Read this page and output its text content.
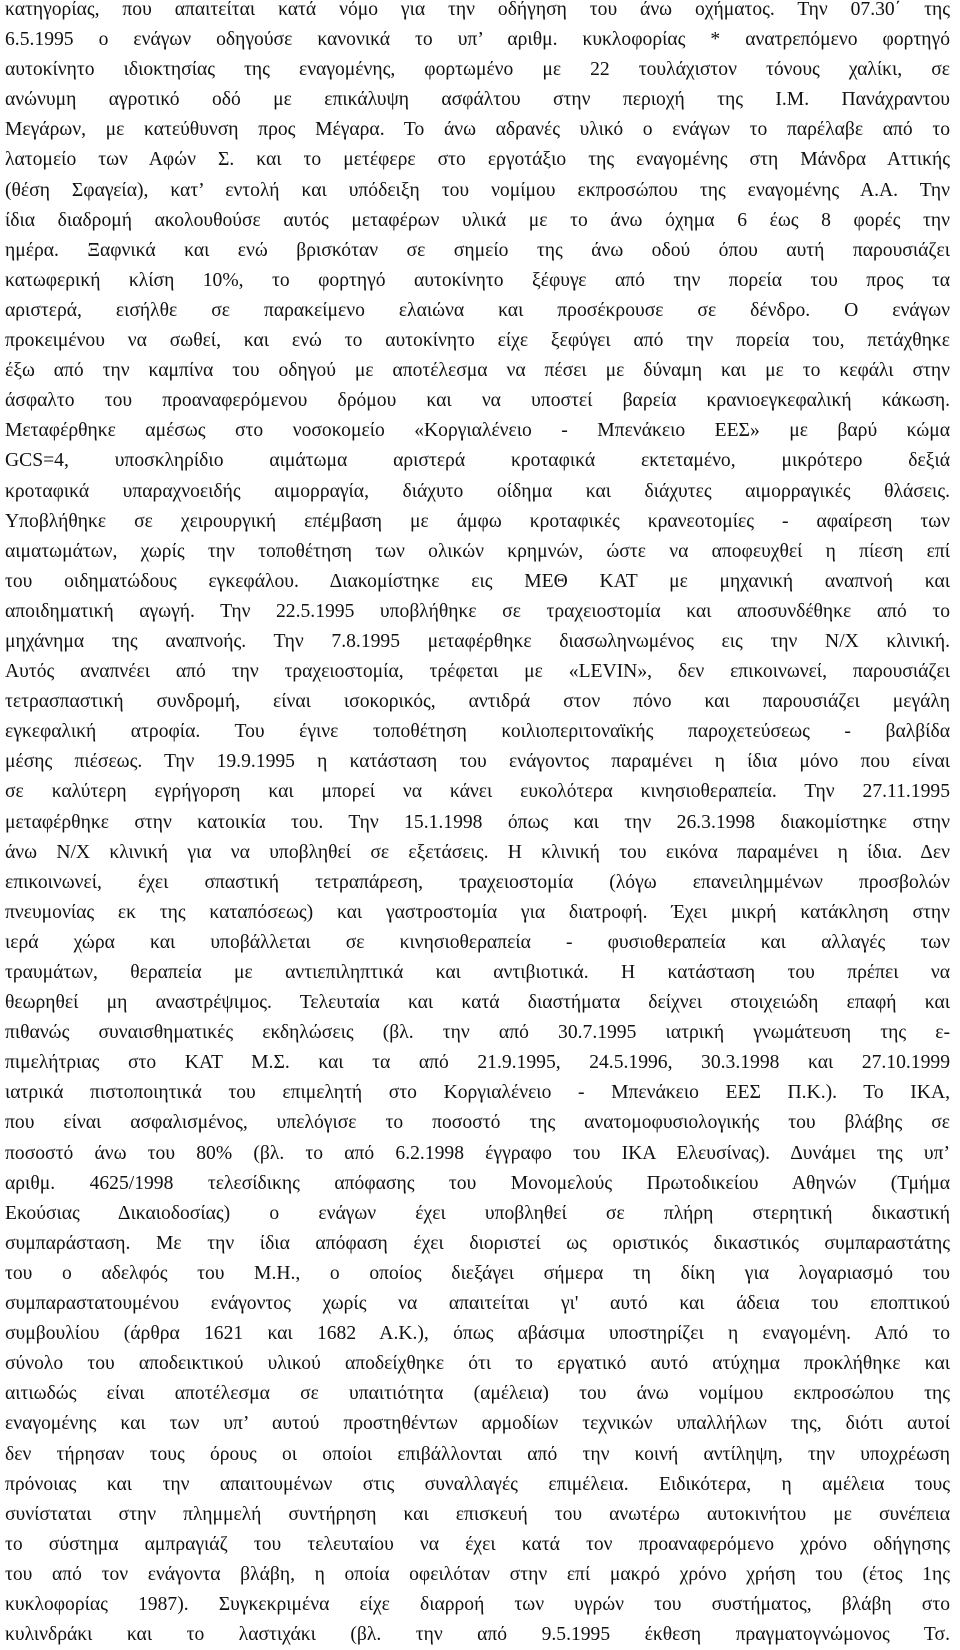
κατηγορίας, που απαιτείται κατά νόμο για την οδήγηση του άνω οχήματος. Την 07.30΄ της
6.5.1995 ο ενάγων οδηγούσε κανονικά το υπ’ αριθμ. κυκλοφορίας * ανατρεπόμενο φορτηγό
αυτοκίνητο ιδιοκτησίας της εναγομένης, φορτωμένο με 22 τουλάχιστον τόνους χαλίκι, σε
ανώνυμη αγροτικό οδό με επικάλυψη ασφάλτου στην περιοχή της Ι.Μ. Πανάχραντου
Μεγάρων, με κατεύθυνση προς Μέγαρα. Το άνω αδρανές υλικό ο ενάγων το παρέλαβε από το
λατομείο των Αφών Σ. και το μετέφερε στο εργοτάξιο της εναγομένης στη Μάνδρα Αττικής
(θέση Σφαγεία), κατ’ εντολή και υπόδειξη του νομίμου εκπροσώπου της εναγομένης Α.Α. Την
ίδια διαδρομή ακολουθούσε αυτός μεταφέρων υλικά με το άνω όχημα 6 έως 8 φορές την
ημέρα. Ξαφνικά και ενώ βρισκόταν σε σημείο της άνω οδού όπου αυτή παρουσιάζει
κατωφερική κλίση 10%, το φορτηγό αυτοκίνητο ξέφυγε από την πορεία του προς τα
αριστερά, εισήλθε σε παρακείμενο ελαιώνα και προσέκρουσε σε δένδρο. Ο ενάγων
προκειμένου να σωθεί, και ενώ το αυτοκίνητο είχε ξεφύγει από την πορεία του, πετάχθηκε
έξω από την καμπίνα του οδηγού με αποτέλεσμα να πέσει με δύναμη και με το κεφάλι στην
άσφαλτο του προαναφερόμενου δρόμου και να υποστεί βαρεία κρανιοεγκεφαλική κάκωση.
Μεταφέρθηκε αμέσως στο νοσοκομείο «Κοργιαλένειο - Μπενάκειο ΕΕΣ» με βαρύ κώμα
GCS=4, υποσκληρίδιο αιμάτωμα αριστερά κροταφικά εκτεταμένο, μικρότερο δεξιά
κροταφικά υπαραχνοειδής αιμορραγία, διάχυτο οίδημα και διάχυτες αιμορραγικές θλάσεις.
Υποβλήθηκε σε χειρουργική επέμβαση με άμφω κροταφικές κρανεοτομίες - αφαίρεση των
αιματωμάτων, χωρίς την τοποθέτηση των ολικών κρημνών, ώστε να αποφευχθεί η πίεση επί
του οιδηματώδους εγκεφάλου. Διακομίστηκε εις ΜΕΘ ΚΑΤ με μηχανική αναπνοή και
αποιδηματική αγωγή. Την 22.5.1995 υποβλήθηκε σε τραχειοστομία και αποσυνδέθηκε από το
μηχάνημα της αναπνοής. Την 7.8.1995 μεταφέρθηκε διασωληνωμένος εις την Ν/Χ κλινική.
Αυτός αναπνέει από την τραχειοστομία, τρέφεται με «LEVIN», δεν επικοινωνεί, παρουσιάζει
τετρασπαστική συνδρομή, είναι ισοκορικός, αντιδρά στον πόνο και παρουσιάζει μεγάλη
εγκεφαλική ατροφία. Του έγινε τοποθέτηση κοιλιοπεριτοναϊκής παροχετεύσεως - βαλβίδα
μέσης πιέσεως. Την 19.9.1995 η κατάσταση του ενάγοντος παραμένει η ίδια μόνο που είναι
σε καλύτερη εγρήγορση και μπορεί να κάνει ευκολότερα κινησιοθεραπεία. Την 27.11.1995
μεταφέρθηκε στην κατοικία του. Την 15.1.1998 όπως και την 26.3.1998 διακομίστηκε στην
άνω Ν/Χ κλινική για να υποβληθεί σε εξετάσεις. Η κλινική του εικόνα παραμένει η ίδια. Δεν
επικοινωνεί, έχει σπαστική τετραπάρεση, τραχειοστομία (λόγω επανειλημμένων προσβολών
πνευμονίας εκ της καταπόσεως) και γαστροστομία για διατροφή. Έχει μικρή κατάκληση στην
ιερά χώρα και υποβάλλεται σε κινησιοθεραπεία - φυσιοθεραπεία και αλλαγές των
τραυμάτων, θεραπεία με αντιεπιληπτικά και αντιβιοτικά. Η κατάσταση του πρέπει να
θεωρηθεί μη αναστρέψιμος. Τελευταία και κατά διαστήματα δείχνει στοιχειώδη επαφή και
πιθανώς συναισθηματικές εκδηλώσεις (βλ. την από 30.7.1995 ιατρική γνωμάτευση της ε-
πιμελήτριας στο ΚΑΤ Μ.Σ. και τα από 21.9.1995, 24.5.1996, 30.3.1998 και 27.10.1999
ιατρικά πιστοποιητικά του επιμελητή στο Κοργιαλένειο - Μπενάκειο ΕΕΣ Π.Κ.). Το ΙΚΑ,
που είναι ασφαλισμένος, υπελόγισε το ποσοστό της ανατομοφυσιολογικής του βλάβης σε
ποσοστό άνω του 80% (βλ. το από 6.2.1998 έγγραφο του ΙΚΑ Ελευσίνας). Δυνάμει της υπ’
αριθμ. 4625/1998 τελεσίδικης απόφασης του Μονομελούς Πρωτοδικείου Αθηνών (Τμήμα
Εκούσιας Δικαιοδοσίας) ο ενάγων έχει υποβληθεί σε πλήρη στερητική δικαστική
συμπαράσταση. Με την ίδια απόφαση έχει διοριστεί ως οριστικός δικαστικός συμπαραστάτης
του ο αδελφός του Μ.Η., ο οποίος διεξάγει σήμερα τη δίκη για λογαριασμό του
συμπαραστατουμένου ενάγοντος χωρίς να απαιτείται γι' αυτό και άδεια του εποπτικού
συμβουλίου (άρθρα 1621 και 1682 Α.Κ.), όπως αβάσιμα υποστηρίζει η εναγομένη. Από το
σύνολο του αποδεικτικού υλικού αποδείχθηκε ότι το εργατικό αυτό ατύχημα προκλήθηκε και
αιτιωδώς είναι αποτέλεσμα σε υπαιτιότητα (αμέλεια) του άνω νομίμου εκπροσώπου της
εναγομένης και των υπ’ αυτού προστηθέντων αρμοδίων τεχνικών υπαλλήλων της, διότι αυτοί
δεν τήρησαν τους όρους οι οποίοι επιβάλλονται από την κοινή αντίληψη, την υποχρέωση
πρόνοιας και την απαιτουμένων στις συναλλαγές επιμέλεια. Ειδικότερα, η αμέλεια τους
συνίσταται στην πλημμελή συντήρηση και επισκευή του ανωτέρω αυτοκινήτου με συνέπεια
το σύστημα αμπραγιάζ του τελευταίου να έχει κατά τον προαναφερόμενο χρόνο οδήγησης
του από τον ενάγοντα βλάβη, η οποία οφειλόταν στην επί μακρό χρόνο χρήση του (έτος 1ης
κυκλοφορίας 1987). Συγκεκριμένα είχε διαρροή των υγρών του συστήματος, βλάβη στο
κυλινδράκι και το λαστιχάκι (βλ. την από 9.5.1995 έκθεση πραγματογνώμονος Τσ.
